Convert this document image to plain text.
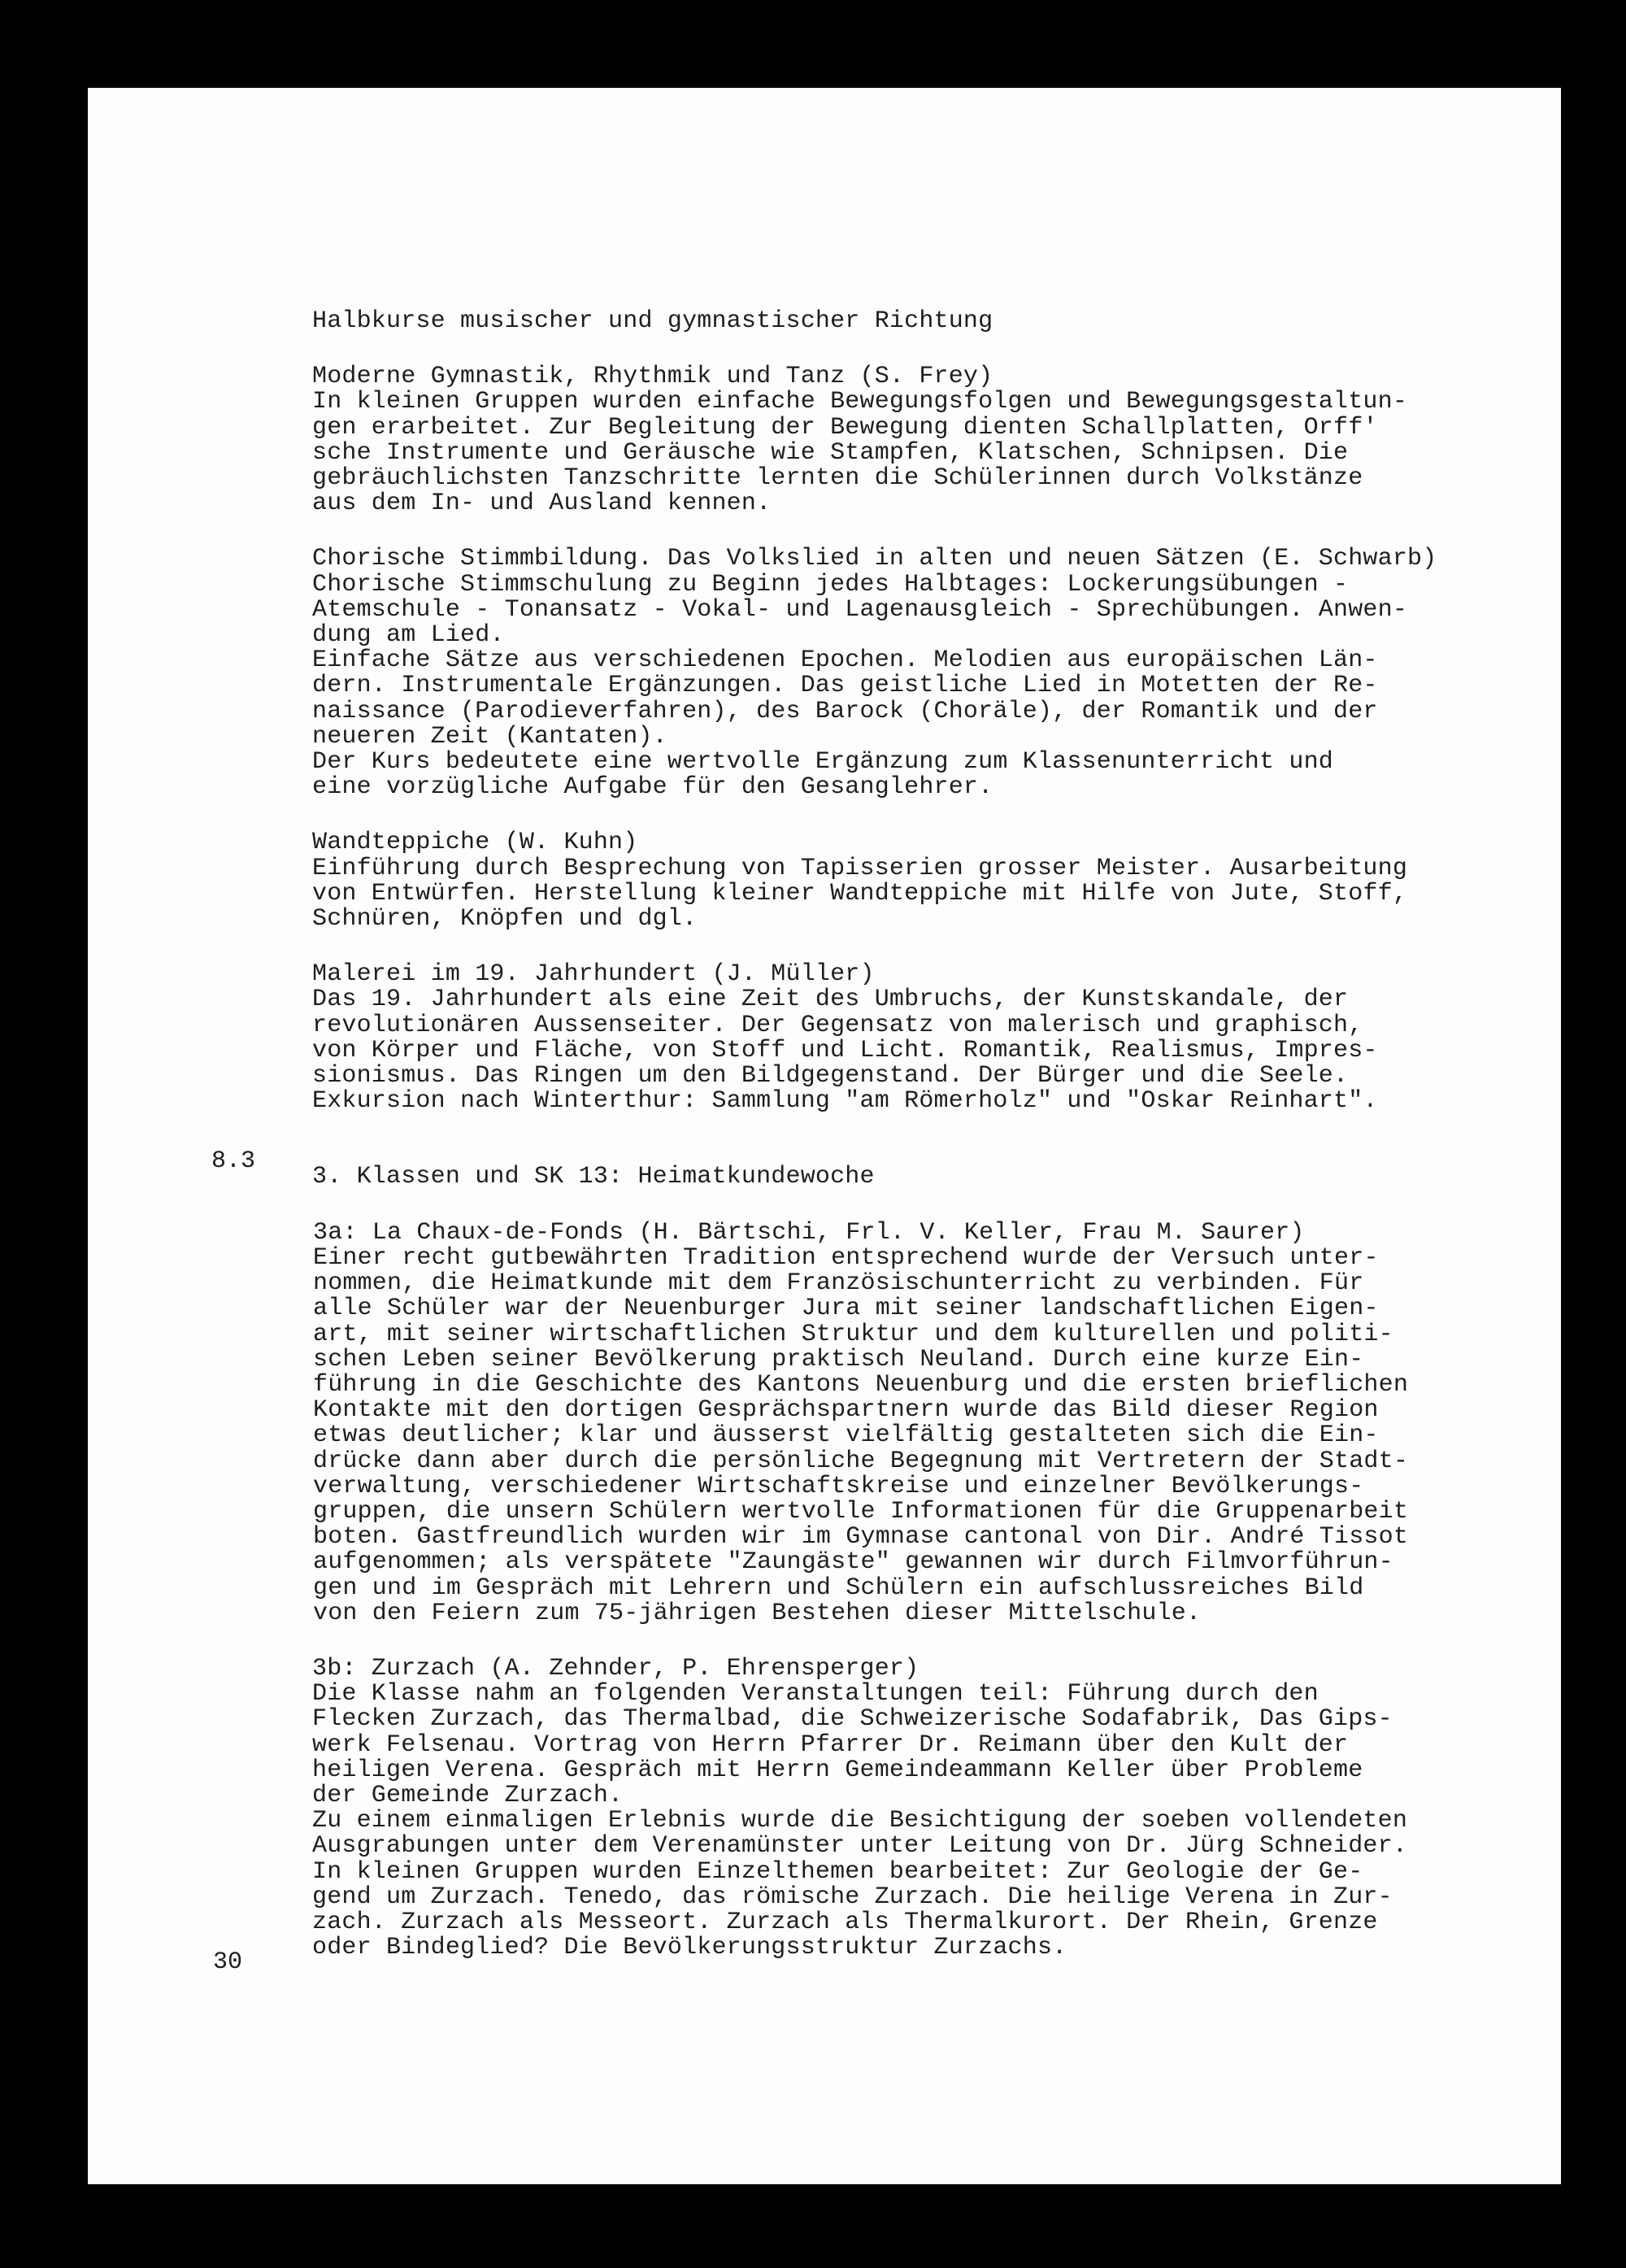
8.3
Halbkurse musischer und gymnastischer Richtung
Moderne Gymnastik, Rhythmik und Tanz (S. Frey)
In kleinen Gruppen wurden einfache Bewegungsfolgen und Bewegungsgestaltun-
gen erarbeitet. Zur Begleitung der Bewegung dienten Schallplatten, Orff'
sche Instrumente und Geräusche wie Stampfen, Klatschen, Schnipsen. Die
gebräuchlichsten Tanzschritte lernten die Schülerinnen durch Volkstänze
aus dem In- und Ausland kennen.
Chorische Stimmbildung. Das Volkslied in alten und neuen Sätzen (E. Schwarb)
Chorische Stimmschulung zu Beginn jedes Halbtages: Lockerungsübungen -
Atemschule - Tonansatz - Vokal- und Lagenausgleich - Sprechübungen. Anwen-
dung am Lied.
Einfache Sätze aus verschiedenen Epochen. Melodien aus europäischen Län-
dern. Instrumentale Ergänzungen. Das geistliche Lied in Motetten der Re-
naissance (Parodieverfahren), des Barock (Choräle), der Romantik und der
neueren Zeit (Kantaten).
Der Kurs bedeutete eine wertvolle Ergänzung zum Klassenunterricht und
eine vorzügliche Aufgabe für den Gesanglehrer.
Wandteppiche (W. Kuhn)
Einführung durch Besprechung von Tapisserien grosser Meister. Ausarbeitung
von Entwürfen. Herstellung kleiner Wandteppiche mit Hilfe von Jute, Stoff,
Schnüren, Knöpfen und dgl.
Malerei im 19. Jahrhundert (J. Müller)
Das 19. Jahrhundert als eine Zeit des Umbruchs, der Kunstskandale, der
revolutionären Aussenseiter. Der Gegensatz von malerisch und graphisch,
von Körper und Fläche, von Stoff und Licht. Romantik, Realismus, Impres-
sionismus. Das Ringen um den Bildgegenstand. Der Bürger und die Seele.
Exkursion nach Winterthur: Sammlung "am Römerholz" und "Oskar Reinhart".
3. Klassen und SK 13: Heimatkundewoche
3a: La Chaux-de-Fonds (H. Bärtschi, Frl. V. Keller, Frau M. Saurer)
Einer recht gutbewährten Tradition entsprechend wurde der Versuch unter-
nommen, die Heimatkunde mit dem Französischunterricht zu verbinden. Für
alle Schüler war der Neuenburger Jura mit seiner landschaftlichen Eigen-
art, mit seiner wirtschaftlichen Struktur und dem kulturellen und politi-
schen Leben seiner Bevölkerung praktisch Neuland. Durch eine kurze Ein-
führung in die Geschichte des Kantons Neuenburg und die ersten brieflichen
Kontakte mit den dortigen Gesprächspartnern wurde das Bild dieser Region
etwas deutlicher; klar und äusserst vielfältig gestalteten sich die Ein-
drücke dann aber durch die persönliche Begegnung mit Vertretern der Stadt-
verwaltung, verschiedener Wirtschaftskreise und einzelner Bevölkerungs-
gruppen, die unsern Schülern wertvolle Informationen für die Gruppenarbeit
boten. Gastfreundlich wurden wir im Gymnase cantonal von Dir. André Tissot
aufgenommen; als verspätete "Zaungäste" gewannen wir durch Filmvorführun-
gen und im Gespräch mit Lehrern und Schülern ein aufschlussreiches Bild
von den Feiern zum 75-jährigen Bestehen dieser Mittelschule.
3b: Zurzach (A. Zehnder, P. Ehrensperger)
Die Klasse nahm an folgenden Veranstaltungen teil: Führung durch den
Flecken Zurzach, das Thermalbad, die Schweizerische Sodafabrik, Das Gips-
werk Felsenau. Vortrag von Herrn Pfarrer Dr. Reimann über den Kult der
heiligen Verena. Gespräch mit Herrn Gemeindeammann Keller über Probleme
der Gemeinde Zurzach.
Zu einem einmaligen Erlebnis wurde die Besichtigung der soeben vollendeten
Ausgrabungen unter dem Verenamünster unter Leitung von Dr. Jürg Schneider.
In kleinen Gruppen wurden Einzelthemen bearbeitet: Zur Geologie der Ge-
gend um Zurzach. Tenedo, das römische Zurzach. Die heilige Verena in Zur-
zach. Zurzach als Messeort. Zurzach als Thermalkurort. Der Rhein, Grenze
oder Bindeglied? Die Bevölkerungsstruktur Zurzachs.
30
